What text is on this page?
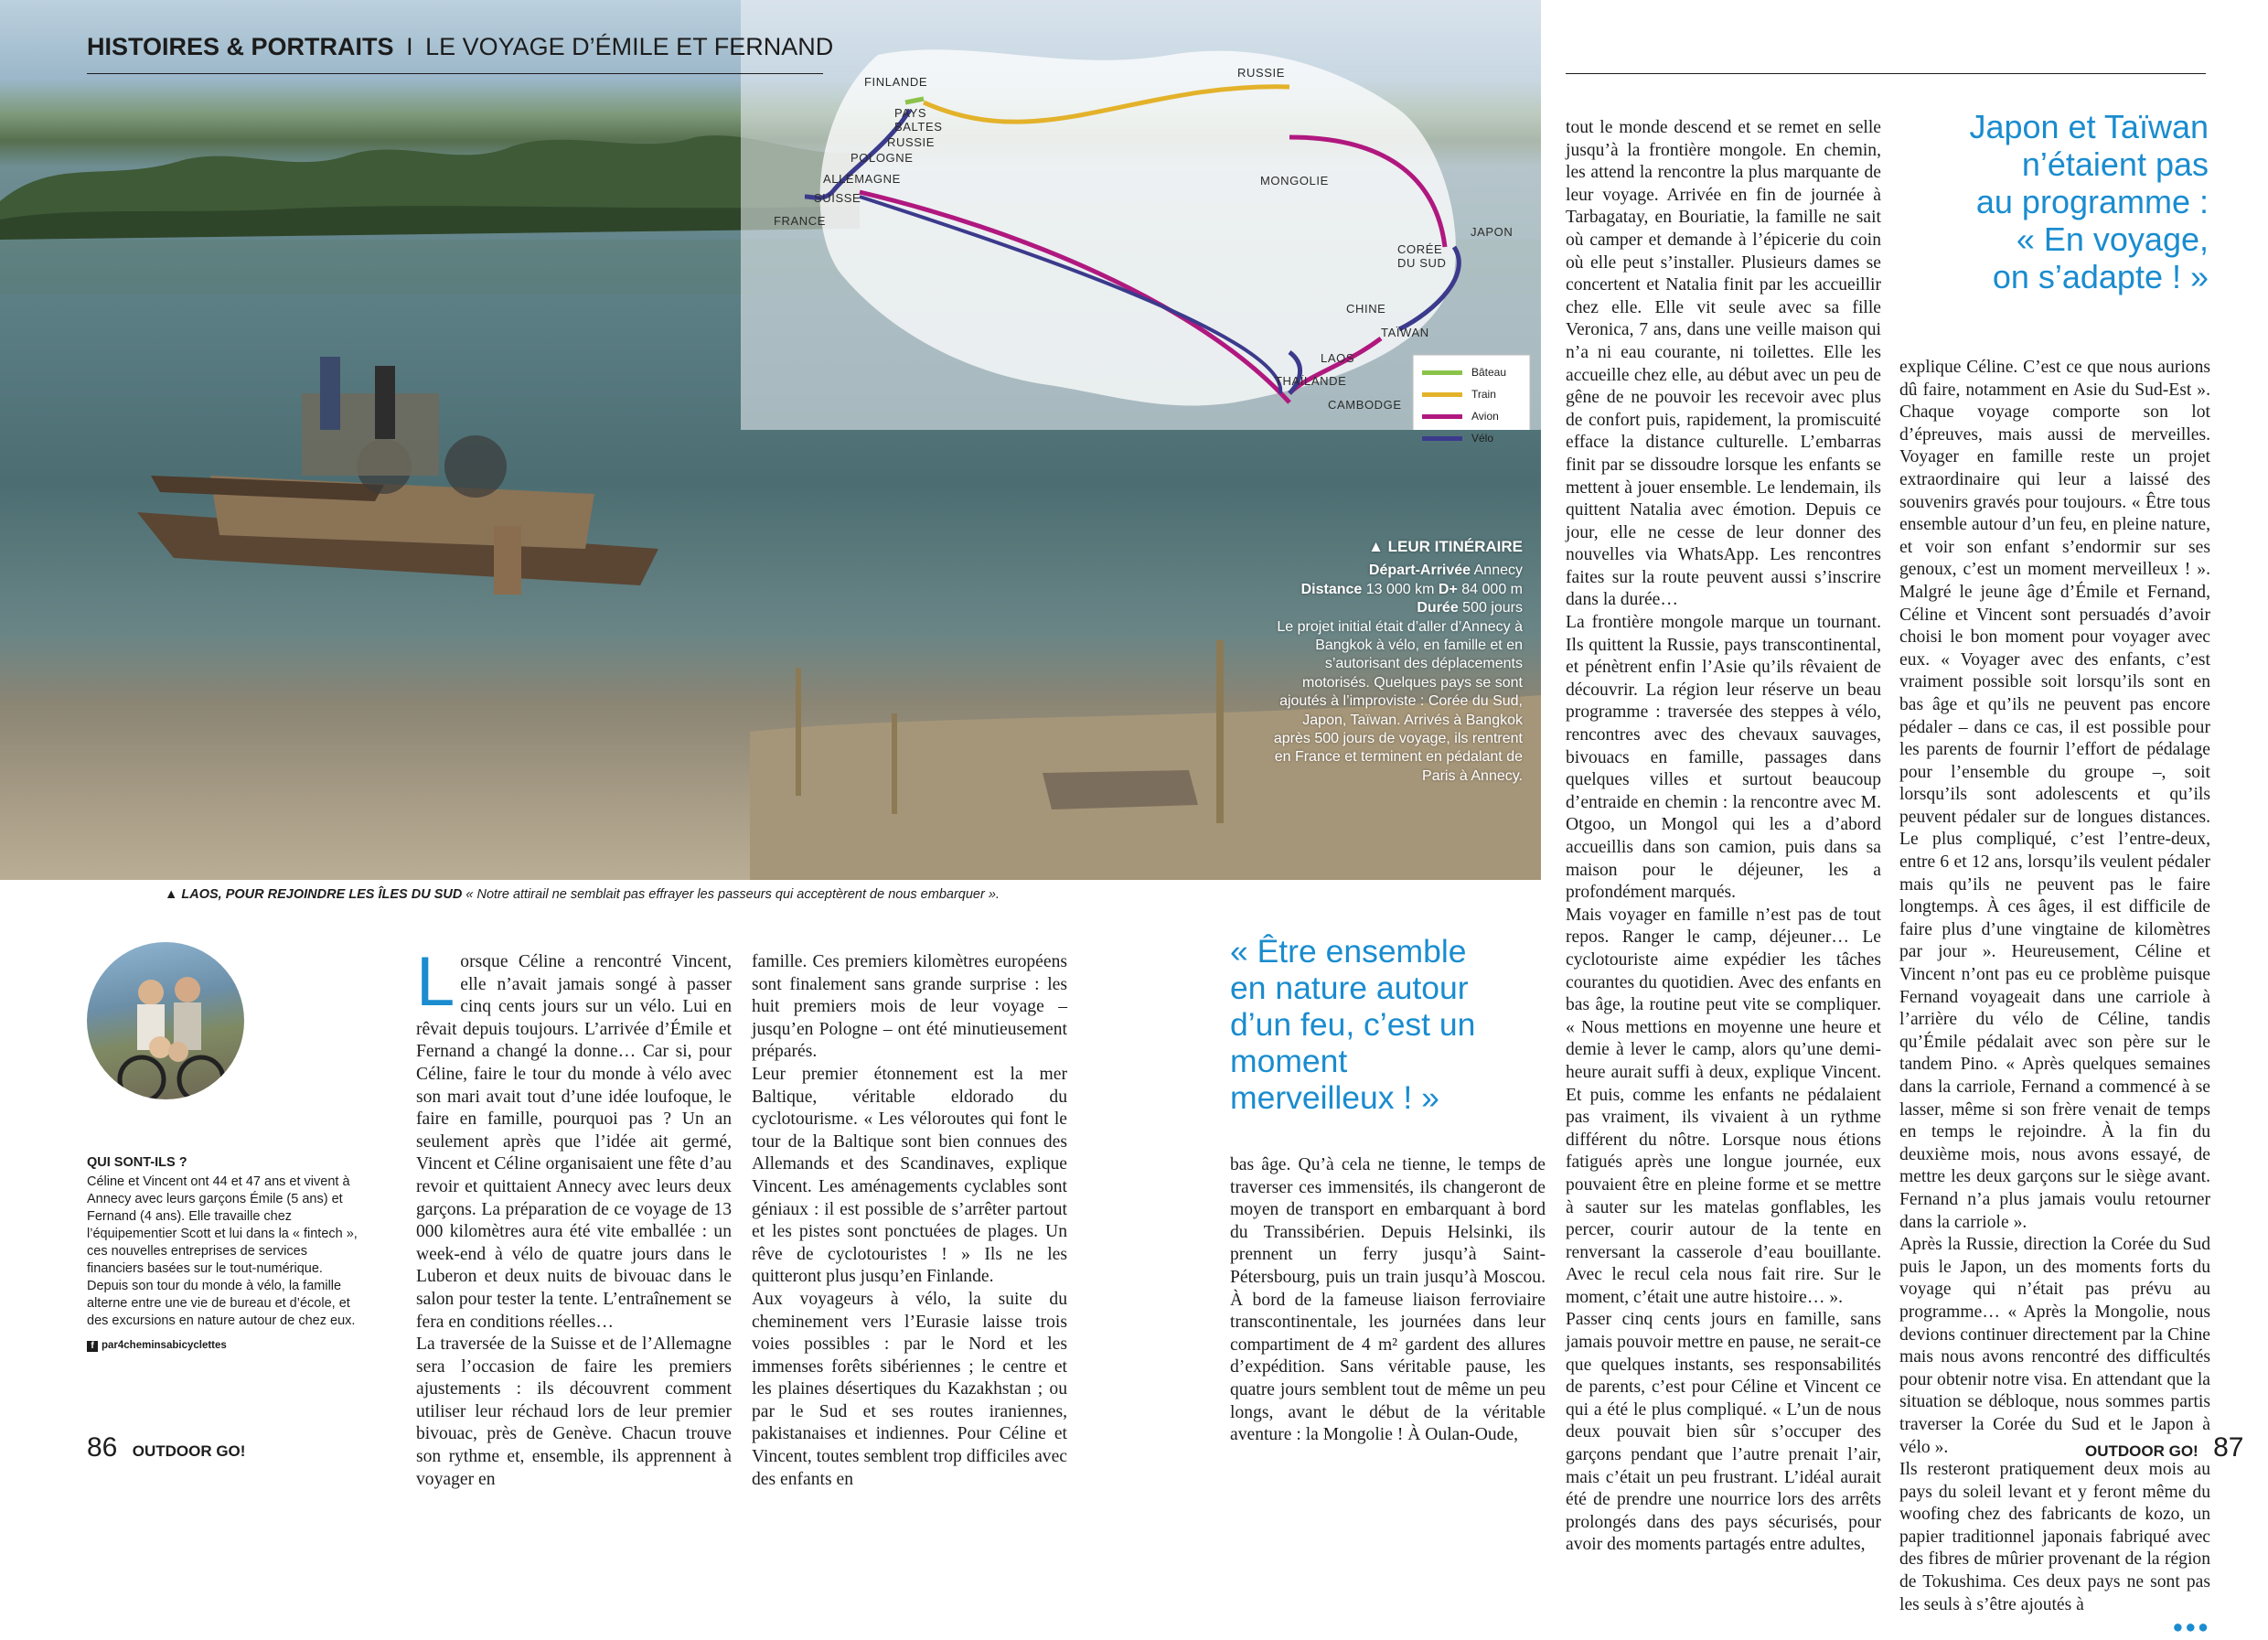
FINLANDE
RUSSIE
PAYS BALTES
RUSSIE
POLOGNE
ALLEMAGNE
SUISSE
FRANCE
MONGOLIE
CORÉE DU SUD
JAPON
CHINE
TAÏWAN
LAOS
THAÏLANDE
CAMBODGE
Bâteau
Train
Avion
Vélo
HISTOIRES & PORTRAITS I LE VOYAGE D’ÉMILE ET FERNAND
▲ LEUR ITINÉRAIRE
Départ-Arrivée Annecy
Distance 13 000 km D+ 84 000 m
Durée 500 jours
Le projet initial était d’aller d’Annecy à Bangkok à vélo, en famille et en s’autorisant des déplacements motorisés. Quelques pays se sont ajoutés à l’improviste : Corée du Sud, Japon, Taïwan. Arrivés à Bangkok après 500 jours de voyage, ils rentrent en France et terminent en pédalant de Paris à Annecy.
▲ LAOS, POUR REJOINDRE LES ÎLES DU SUD « Notre attirail ne semblait pas effrayer les passeurs qui acceptèrent de nous embarquer ».
QUI SONT-ILS ?
Céline et Vincent ont 44 et 47 ans et vivent à Annecy avec leurs garçons Émile (5 ans) et Fernand (4 ans). Elle travaille chez l’équipementier Scott et lui dans la « fintech », ces nouvelles entreprises de services financiers basées sur le tout-numérique. Depuis son tour du monde à vélo, la famille alterne entre une vie de bureau et d’école, et des excursions en nature autour de chez eux.
f par4cheminsabicyclettes

Lorsque Céline a rencontré Vincent, elle n’avait jamais songé à passer cinq cents jours sur un vélo. Lui en rêvait depuis toujours. L’arrivée d’Émile et Fernand a changé la donne… Car si, pour Céline, faire le tour du monde à vélo avec son mari avait tout d’une idée loufoque, le faire en famille, pourquoi pas ? Un an seulement après que l’idée ait germé, Vincent et Céline organisaient une fête d’au revoir et quittaient Annecy avec leurs deux garçons. La préparation de ce voyage de 13 000 kilomètres aura été vite emballée : un week-end à vélo de quatre jours dans le Luberon et deux nuits de bivouac dans le salon pour tester la tente. L’entraînement se fera en conditions réelles…

La traversée de la Suisse et de l’Allemagne sera l’occasion de faire les premiers ajustements : ils découvrent comment utiliser leur réchaud lors de leur premier bivouac, près de Genève. Chacun trouve son rythme et, ensemble, ils apprennent à voyager en

famille. Ces premiers kilomètres européens sont finalement sans grande surprise : les huit premiers mois de leur voyage – jusqu’en Pologne – ont été minutieusement préparés.

Leur premier étonnement est la mer Baltique, véritable eldorado du cyclotourisme. « Les véloroutes qui font le tour de la Baltique sont bien connues des Allemands et des Scandinaves, explique Vincent. Les aménagements cyclables sont géniaux : il est possible de s’arrêter partout et les pistes sont ponctuées de plages. Un rêve de cyclotouristes ! » Ils ne les quitteront plus jusqu’en Finlande.

Aux voyageurs à vélo, la suite du cheminement vers l’Eurasie laisse trois voies possibles : par le Nord et les immenses forêts sibériennes ; le centre et les plaines désertiques du Kazakhstan ; ou par le Sud et ses routes iraniennes, pakistanaises et indiennes. Pour Céline et Vincent, toutes semblent trop difficiles avec des enfants en

« Être ensemble en nature autour d’un feu, c’est un moment merveilleux ! »

bas âge. Qu’à cela ne tienne, le temps de traverser ces immensités, ils changeront de moyen de transport en embarquant à bord du Transsibérien. Depuis Helsinki, ils prennent un ferry jusqu’à Saint-Pétersbourg, puis un train jusqu’à Moscou. À bord de la fameuse liaison ferroviaire transcontinentale, les journées dans leur compartiment de 4 m² gardent des allures d’expédition. Sans véritable pause, les quatre jours semblent tout de même un peu longs, avant le début de la véritable aventure : la Mongolie ! À Oulan-Oude,

tout le monde descend et se remet en selle jusqu’à la frontière mongole. En chemin, les attend la rencontre la plus marquante de leur voyage. Arrivée en fin de journée à Tarbagatay, en Bouriatie, la famille ne sait où camper et demande à l’épicerie du coin où elle peut s’installer. Plusieurs dames se concertent et Natalia finit par les accueillir chez elle. Elle vit seule avec sa fille Veronica, 7 ans, dans une veille maison qui n’a ni eau courante, ni toilettes. Elle les accueille chez elle, au début avec un peu de gêne de ne pouvoir les recevoir avec plus de confort puis, rapidement, la promiscuité efface la distance culturelle. L’embarras finit par se dissoudre lorsque les enfants se mettent à jouer ensemble. Le lendemain, ils quittent Natalia avec émotion. Depuis ce jour, elle ne cesse de leur donner des nouvelles via WhatsApp. Les rencontres faites sur la route peuvent aussi s’inscrire dans la durée…

La frontière mongole marque un tournant. Ils quittent la Russie, pays transcontinental, et pénètrent enfin l’Asie qu’ils rêvaient de découvrir. La région leur réserve un beau programme : traversée des steppes à vélo, rencontres avec des chevaux sauvages, bivouacs en famille, passages dans quelques villes et surtout beaucoup d’entraide en chemin : la rencontre avec M. Otgoo, un Mongol qui les a d’abord accueillis dans son camion, puis dans sa maison pour le déjeuner, les a profondément marqués.

Mais voyager en famille n’est pas de tout repos. Ranger le camp, déjeuner… Le cyclotouriste aime expédier les tâches courantes du quotidien. Avec des enfants en bas âge, la routine peut vite se compliquer. « Nous mettions en moyenne une heure et demie à lever le camp, alors qu’une demi-heure aurait suffi à deux, explique Vincent. Et puis, comme les enfants ne pédalaient pas vraiment, ils vivaient à un rythme différent du nôtre. Lorsque nous étions fatigués après une longue journée, eux pouvaient être en pleine forme et se mettre à sauter sur les matelas gonflables, les percer, courir autour de la tente en renversant la casserole d’eau bouillante. Avec le recul cela nous fait rire. Sur le moment, c’était une autre histoire… ».

Passer cinq cents jours en famille, sans jamais pouvoir mettre en pause, ne serait-ce que quelques instants, ses responsabilités de parents, c’est pour Céline et Vincent ce qui a été le plus compliqué. « L’un de nous deux pouvait bien sûr s’occuper des garçons pendant que l’autre prenait l’air, mais c’était un peu frustrant. L’idéal aurait été de prendre une nourrice lors des arrêts prolongés dans des pays sécurisés, pour avoir des moments partagés entre adultes,

Japon et Taïwan
n’étaient pas
au programme :
« En voyage,
on s’adapte ! »

explique Céline. C’est ce que nous aurions dû faire, notamment en Asie du Sud-Est ». Chaque voyage comporte son lot d’épreuves, mais aussi de merveilles. Voyager en famille reste un projet extraordinaire qui leur a laissé des souvenirs gravés pour toujours. « Être tous ensemble autour d’un feu, en pleine nature, et voir son enfant s’endormir sur ses genoux, c’est un moment merveilleux ! ». Malgré le jeune âge d’Émile et Fernand, Céline et Vincent sont persuadés d’avoir choisi le bon moment pour voyager avec eux. « Voyager avec des enfants, c’est vraiment possible soit lorsqu’ils sont en bas âge et qu’ils ne peuvent pas encore pédaler – dans ce cas, il est possible pour les parents de fournir l’effort de pédalage pour l’ensemble du groupe –, soit lorsqu’ils sont adolescents et qu’ils peuvent pédaler sur de longues distances. Le plus compliqué, c’est l’entre-deux, entre 6 et 12 ans, lorsqu’ils veulent pédaler mais qu’ils ne peuvent pas le faire longtemps. À ces âges, il est difficile de faire plus d’une vingtaine de kilomètres par jour ». Heureusement, Céline et Vincent n’ont pas eu ce problème puisque Fernand voyageait dans une carriole à l’arrière du vélo de Céline, tandis qu’Émile pédalait avec son père sur le tandem Pino. « Après quelques semaines dans la carriole, Fernand a commencé à se lasser, même si son frère venait de temps en temps le rejoindre. À la fin du deuxième mois, nous avons essayé, de mettre les deux garçons sur le siège avant. Fernand n’a plus jamais voulu retourner dans la carriole ».

Après la Russie, direction la Corée du Sud puis le Japon, un des moments forts du voyage qui n’était pas prévu au programme… « Après la Mongolie, nous devions continuer directement par la Chine mais nous avons rencontré des difficultés pour obtenir notre visa. En attendant que la situation se débloque, nous sommes partis traverser la Corée du Sud et le Japon à vélo ».

Ils resteront pratiquement deux mois au pays du soleil levant et y feront même du woofing chez des fabricants de kozo, un papier traditionnel japonais fabriqué avec des fibres de mûrier provenant de la région de Tokushima. Ces deux pays ne sont pas les seuls à s’être ajoutés à

●●●

86 OUTDOOR GO!	OUTDOOR GO! 87
